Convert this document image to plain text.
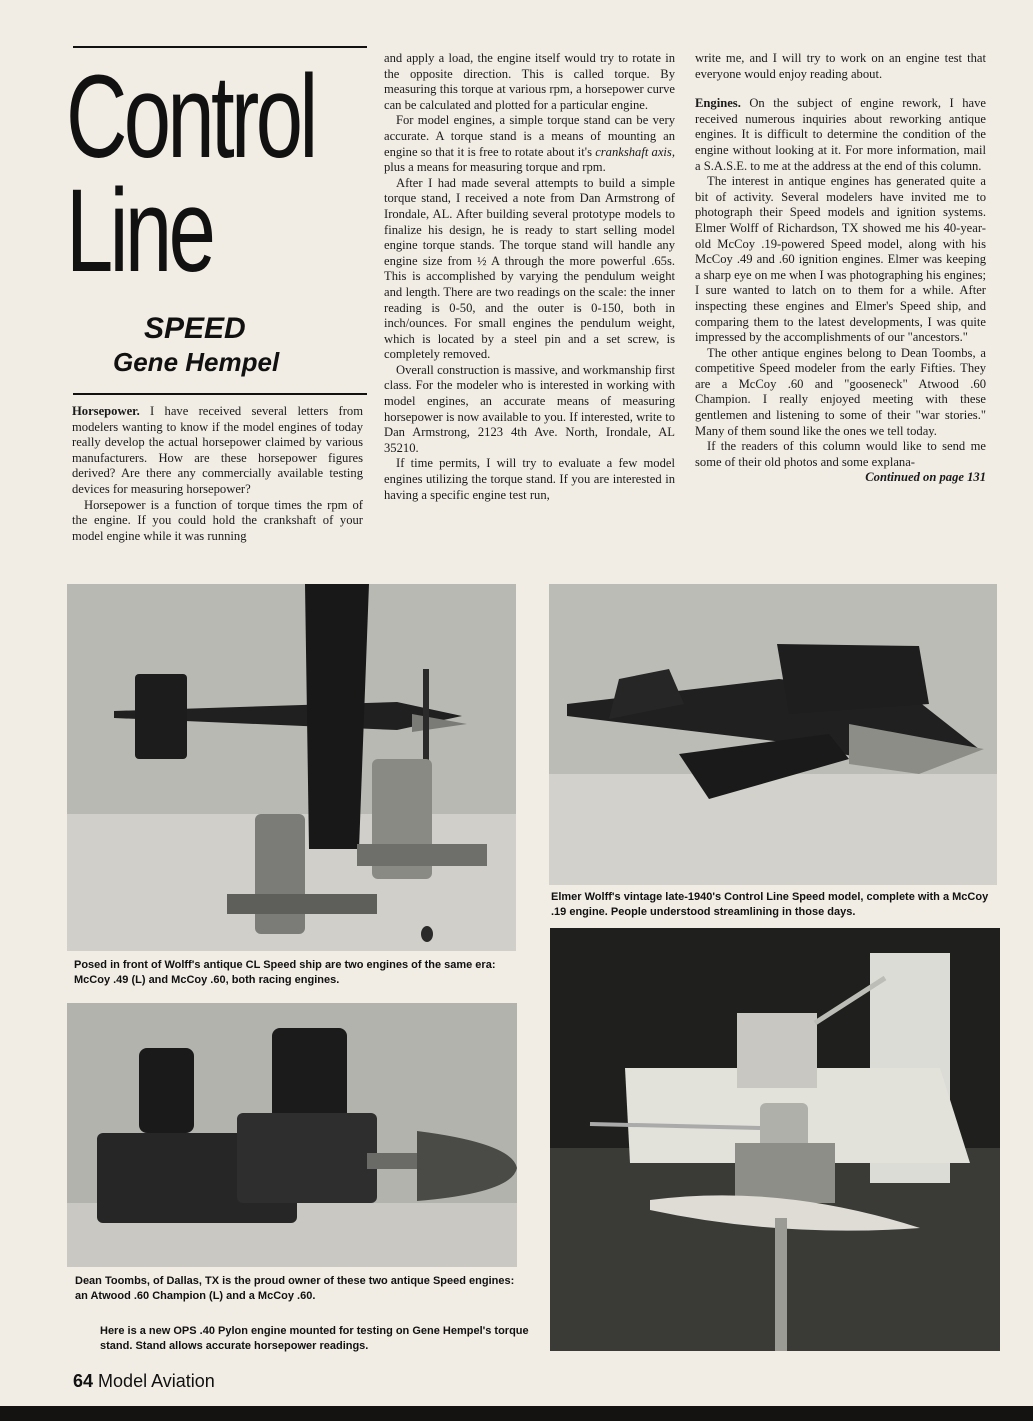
Control
Line
SPEED
Gene Hempel

Horsepower. I have received several letters from modelers wanting to know if the model engines of today really develop the actual horsepower claimed by various manufacturers. How are these horsepower figures derived? Are there any commercially available testing devices for measuring horsepower?

Horsepower is a function of torque times the rpm of the engine. If you could hold the crankshaft of your model engine while it was running

and apply a load, the engine itself would try to rotate in the opposite direction. This is called torque. By measuring this torque at various rpm, a horsepower curve can be calculated and plotted for a particular engine.

For model engines, a simple torque stand can be very accurate. A torque stand is a means of mounting an engine so that it is free to rotate about it's crankshaft axis, plus a means for measuring torque and rpm.

After I had made several attempts to build a simple torque stand, I received a note from Dan Armstrong of Irondale, AL. After building several prototype models to finalize his design, he is ready to start selling model engine torque stands. The torque stand will handle any engine size from ½ A through the more powerful .65s. This is accomplished by varying the pendulum weight and length. There are two readings on the scale: the inner reading is 0-50, and the outer is 0-150, both in inch/ounces. For small engines the pendulum weight, which is located by a steel pin and a set screw, is completely removed.

Overall construction is massive, and workmanship first class. For the modeler who is interested in working with model engines, an accurate means of measuring horsepower is now available to you. If interested, write to Dan Armstrong, 2123 4th Ave. North, Irondale, AL 35210.

If time permits, I will try to evaluate a few model engines utilizing the torque stand. If you are interested in having a specific engine test run,

write me, and I will try to work on an engine test that everyone would enjoy reading about.

Engines. On the subject of engine rework, I have received numerous inquiries about reworking antique engines. It is difficult to determine the condition of the engine without looking at it. For more information, mail a S.A.S.E. to me at the address at the end of this column.

The interest in antique engines has generated quite a bit of activity. Several modelers have invited me to photograph their Speed models and ignition systems. Elmer Wolff of Richardson, TX showed me his 40-year-old McCoy .19-powered Speed model, along with his McCoy .49 and .60 ignition engines. Elmer was keeping a sharp eye on me when I was photographing his engines; I sure wanted to latch on to them for a while. After inspecting these engines and Elmer's Speed ship, and comparing them to the latest developments, I was quite impressed by the accomplishments of our "ancestors."

The other antique engines belong to Dean Toombs, a competitive Speed modeler from the early Fifties. They are a McCoy .60 and "gooseneck" Atwood .60 Champion. I really enjoyed meeting with these gentlemen and listening to some of their "war stories." Many of them sound like the ones we tell today.

If the readers of this column would like to send me some of their old photos and some explana-

Continued on page 131
Posed in front of Wolff's antique CL Speed ship are two engines of the same era: McCoy .49 (L) and McCoy .60, both racing engines.
Elmer Wolff's vintage late-1940's Control Line Speed model, complete with a McCoy .19 engine. People understood streamlining in those days.
Dean Toombs, of Dallas, TX is the proud owner of these two antique Speed engines: an Atwood .60 Champion (L) and a McCoy .60.
Here is a new OPS .40 Pylon engine mounted for testing on Gene Hempel's torque stand. Stand allows accurate horsepower readings.
64 Model Aviation
